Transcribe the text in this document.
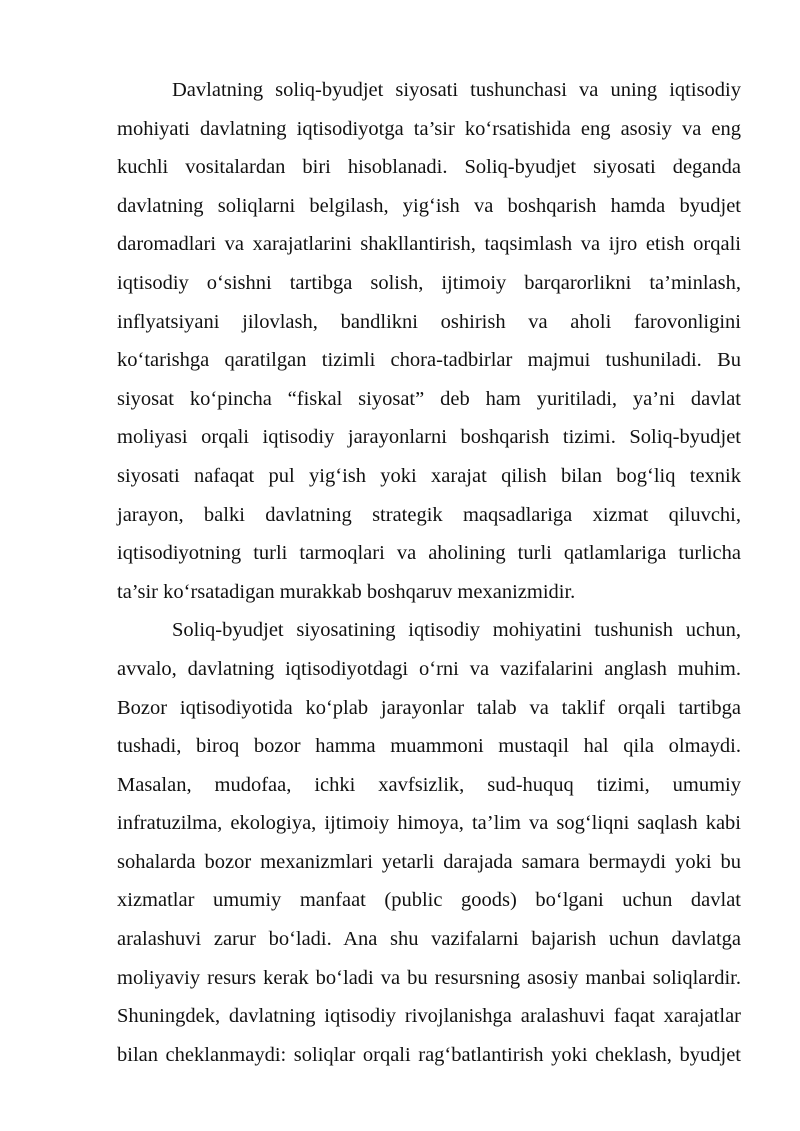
Davlatning soliq-byudjet siyosati tushunchasi va uning iqtisodiy
mohiyati davlatning iqtisodiyotga ta’sir ko‘rsatishida eng asosiy va eng
kuchli vositalardan biri hisoblanadi. Soliq-byudjet siyosati deganda
davlatning soliqlarni belgilash, yig‘ish va boshqarish hamda byudjet
daromadlari va xarajatlarini shakllantirish, taqsimlash va ijro etish orqali
iqtisodiy o‘sishni tartibga solish, ijtimoiy barqarorlikni ta’minlash,
inflyatsiyani jilovlash, bandlikni oshirish va aholi farovonligini
ko‘tarishga qaratilgan tizimli chora-tadbirlar majmui tushuniladi. Bu
siyosat ko‘pincha “fiskal siyosat” deb ham yuritiladi, ya’ni davlat
moliyasi orqali iqtisodiy jarayonlarni boshqarish tizimi. Soliq-byudjet
siyosati nafaqat pul yig‘ish yoki xarajat qilish bilan bog‘liq texnik
jarayon, balki davlatning strategik maqsadlariga xizmat qiluvchi,
iqtisodiyotning turli tarmoqlari va aholining turli qatlamlariga turlicha
ta’sir ko‘rsatadigan murakkab boshqaruv mexanizmidir.
Soliq-byudjet siyosatining iqtisodiy mohiyatini tushunish uchun,
avvalo, davlatning iqtisodiyotdagi o‘rni va vazifalarini anglash muhim.
Bozor iqtisodiyotida ko‘plab jarayonlar talab va taklif orqali tartibga
tushadi, biroq bozor hamma muammoni mustaqil hal qila olmaydi.
Masalan, mudofaa, ichki xavfsizlik, sud-huquq tizimi, umumiy
infratuzilma, ekologiya, ijtimoiy himoya, ta’lim va sog‘liqni saqlash kabi
sohalarda bozor mexanizmlari yetarli darajada samara bermaydi yoki bu
xizmatlar umumiy manfaat (public goods) bo‘lgani uchun davlat
aralashuvi zarur bo‘ladi. Ana shu vazifalarni bajarish uchun davlatga
moliyaviy resurs kerak bo‘ladi va bu resursning asosiy manbai soliqlardir.
Shuningdek, davlatning iqtisodiy rivojlanishga aralashuvi faqat xarajatlar
bilan cheklanmaydi: soliqlar orqali rag‘batlantirish yoki cheklash, byudjet
